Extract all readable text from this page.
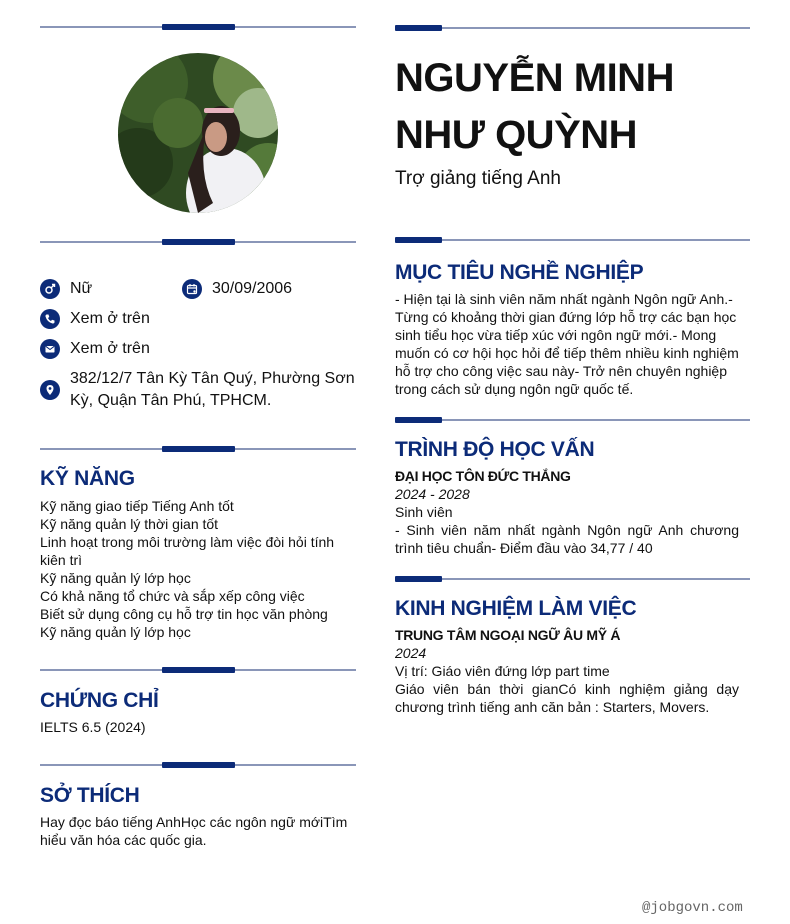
Nữ	30/09/2006
Xem ở trên
Xem ở trên
382/12/7 Tân Kỳ Tân Quý, Phường Sơn
Kỳ, Quận Tân Phú, TPHCM.
KỸ NĂNG
Kỹ năng giao tiếp Tiếng Anh tốt
Kỹ năng quản lý thời gian tốt
Linh hoạt trong môi trường làm việc đòi hỏi tính
kiên trì
Kỹ năng quản lý lớp học
Có khả năng tổ chức và sắp xếp công việc
Biết sử dụng công cụ hỗ trợ tin học văn phòng
Kỹ năng quản lý lớp học
CHỨNG CHỈ
IELTS 6.5 (2024)
SỞ THÍCH
Hay đọc báo tiếng AnhHọc các ngôn ngữ mớiTìm
hiểu văn hóa các quốc gia.
NGUYỄN MINH
NHƯ QUỲNH
Trợ giảng tiếng Anh
MỤC TIÊU NGHỀ NGHIỆP
- Hiện tại là sinh viên năm nhất ngành Ngôn ngữ Anh.-
Từng có khoảng thời gian đứng lớp hỗ trợ các bạn học
sinh tiểu học vừa tiếp xúc với ngôn ngữ mới.- Mong
muốn có cơ hội học hỏi để tiếp thêm nhiều kinh nghiệm
hỗ trợ cho công việc sau này- Trở nên chuyên nghiệp
trong cách sử dụng ngôn ngữ quốc tế.
TRÌNH ĐỘ HỌC VẤN
ĐẠI HỌC TÔN ĐỨC THẮNG
2024 - 2028
Sinh viên
- Sinh viên năm nhất ngành Ngôn ngữ Anh chương
trình tiêu chuẩn- Điểm đầu vào 34,77 / 40
KINH NGHIỆM LÀM VIỆC
TRUNG TÂM NGOẠI NGỮ ÂU MỸ Á
2024
Vị trí: Giáo viên đứng lớp part time
Giáo viên bán thời gianCó kinh nghiệm giảng dạy
chương trình tiếng anh căn bản : Starters, Movers.
@jobgovn.com
